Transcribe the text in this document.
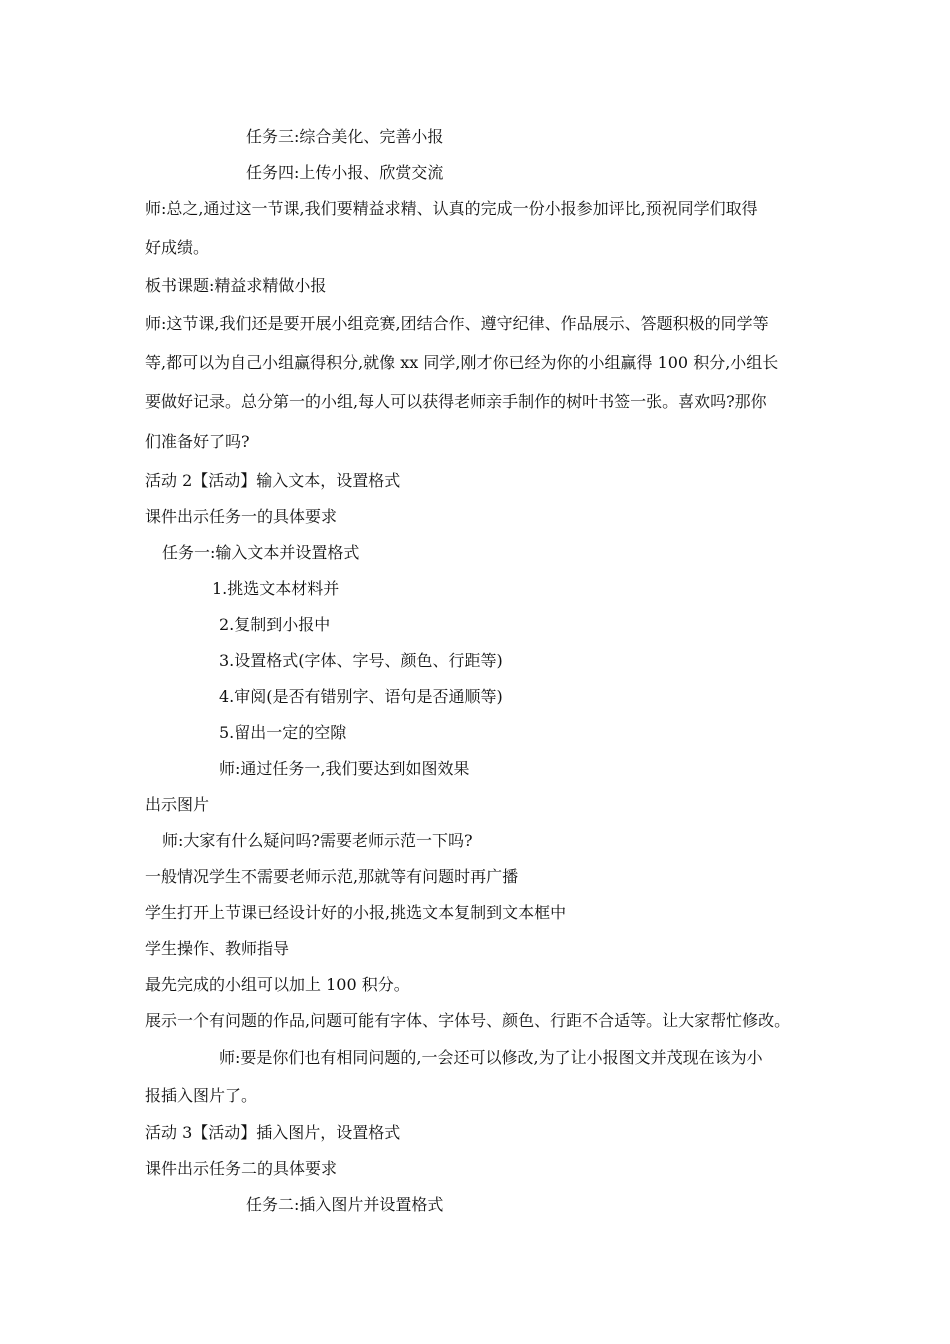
任务三:综合美化、完善小报

任务四:上传小报、欣赏交流

师:总之,通过这一节课,我们要精益求精、认真的完成一份小报参加评比,预祝同学们取得

好成绩。

板书课题:精益求精做小报

师:这节课,我们还是要开展小组竞赛,团结合作、遵守纪律、作品展示、答题积极的同学等

等,都可以为自己小组赢得积分,就像 xx 同学,刚才你已经为你的小组赢得 100 积分,小组长

要做好记录。总分第一的小组,每人可以获得老师亲手制作的树叶书签一张。喜欢吗?那你

们准备好了吗?

活动 2【活动】输入文本，设置格式

课件出示任务一的具体要求

任务一:输入文本并设置格式

1.挑选文本材料并

2.复制到小报中

3.设置格式(字体、字号、颜色、行距等)

4.审阅(是否有错别字、语句是否通顺等)

5.留出一定的空隙

师:通过任务一,我们要达到如图效果

出示图片

师:大家有什么疑问吗?需要老师示范一下吗?

一般情况学生不需要老师示范,那就等有问题时再广播

学生打开上节课已经设计好的小报,挑选文本复制到文本框中

学生操作、教师指导

最先完成的小组可以加上 100 积分。

展示一个有问题的作品,问题可能有字体、字体号、颜色、行距不合适等。让大家帮忙修改。

师:要是你们也有相同问题的,一会还可以修改,为了让小报图文并茂现在该为小

报插入图片了。

活动 3【活动】插入图片，设置格式

课件出示任务二的具体要求

任务二:插入图片并设置格式
